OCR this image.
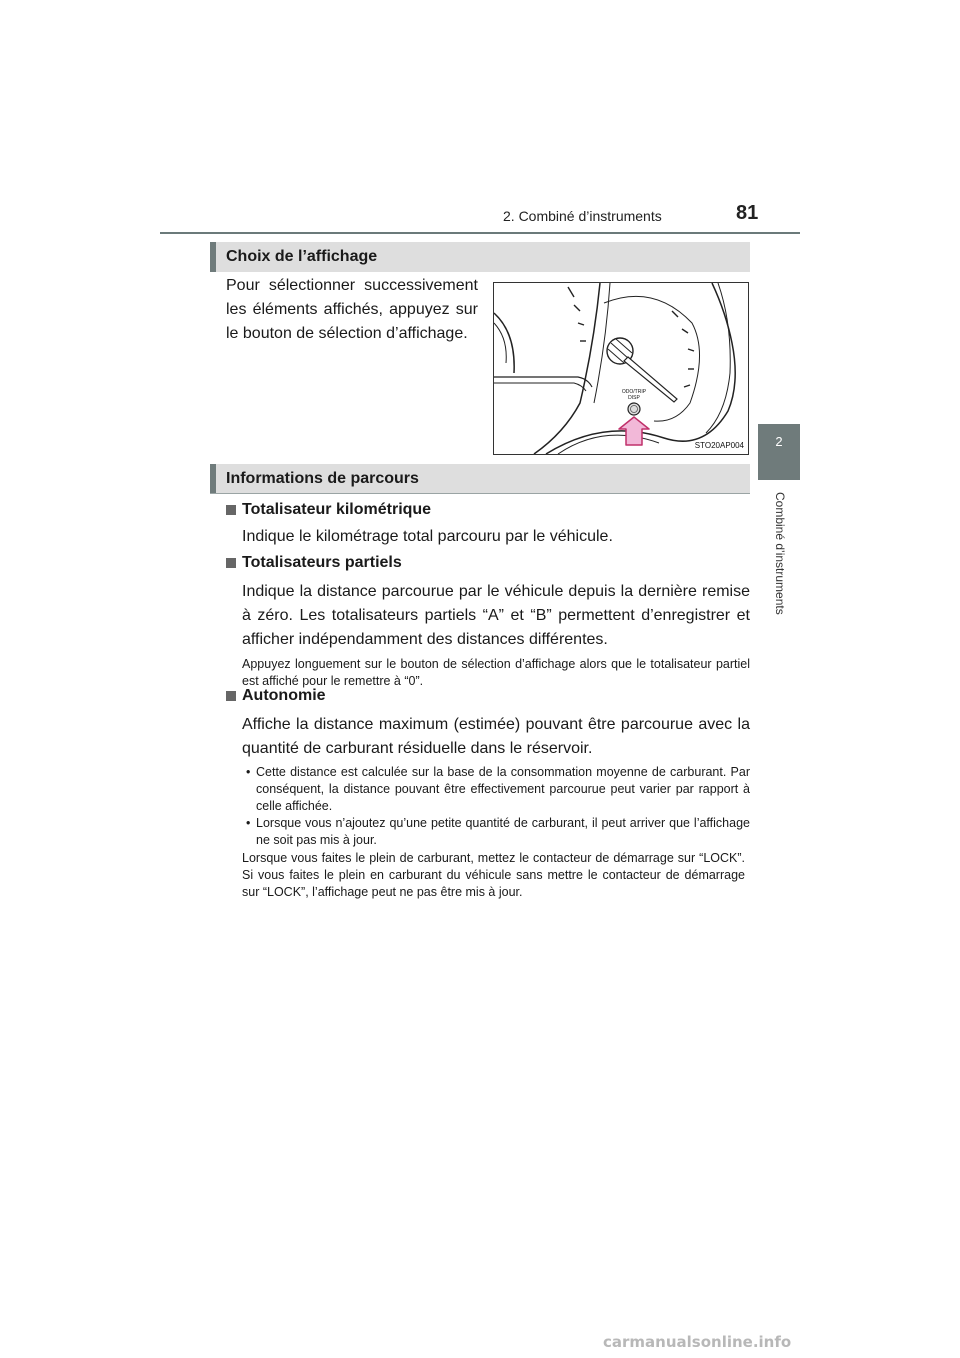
2. Combiné d’instruments	81
2
Combiné d’instruments
Choix de l’affichage
Pour sélectionner successivement les éléments affichés, appuyez sur le bouton de sélection d’affichage.
ODO/TRIP
DISP
STO20AP004
Informations de parcours
Totalisateur kilométrique
Indique le kilométrage total parcouru par le véhicule.
Totalisateurs partiels
Indique la distance parcourue par le véhicule depuis la dernière remise à zéro. Les totalisateurs partiels “A” et “B” permettent d’enregistrer et afficher indépendamment des distances différentes.
Appuyez longuement sur le bouton de sélection d’affichage alors que le totalisateur partiel est affiché pour le remettre à “0”.
Autonomie
Affiche la distance maximum (estimée) pouvant être parcourue avec la quantité de carburant résiduelle dans le réservoir.
• Cette distance est calculée sur la base de la consommation moyenne de carburant. Par conséquent, la distance pouvant être effectivement parcourue peut varier par rapport à celle affichée.
• Lorsque vous n’ajoutez qu’une petite quantité de carburant, il peut arriver que l’affichage ne soit pas mis à jour.
Lorsque vous faites le plein de carburant, mettez le contacteur de démarrage sur “LOCK”. Si vous faites le plein en carburant du véhicule sans mettre le contacteur de démarrage sur “LOCK”, l’affichage peut ne pas être mis à jour.
carmanualsonline.info
